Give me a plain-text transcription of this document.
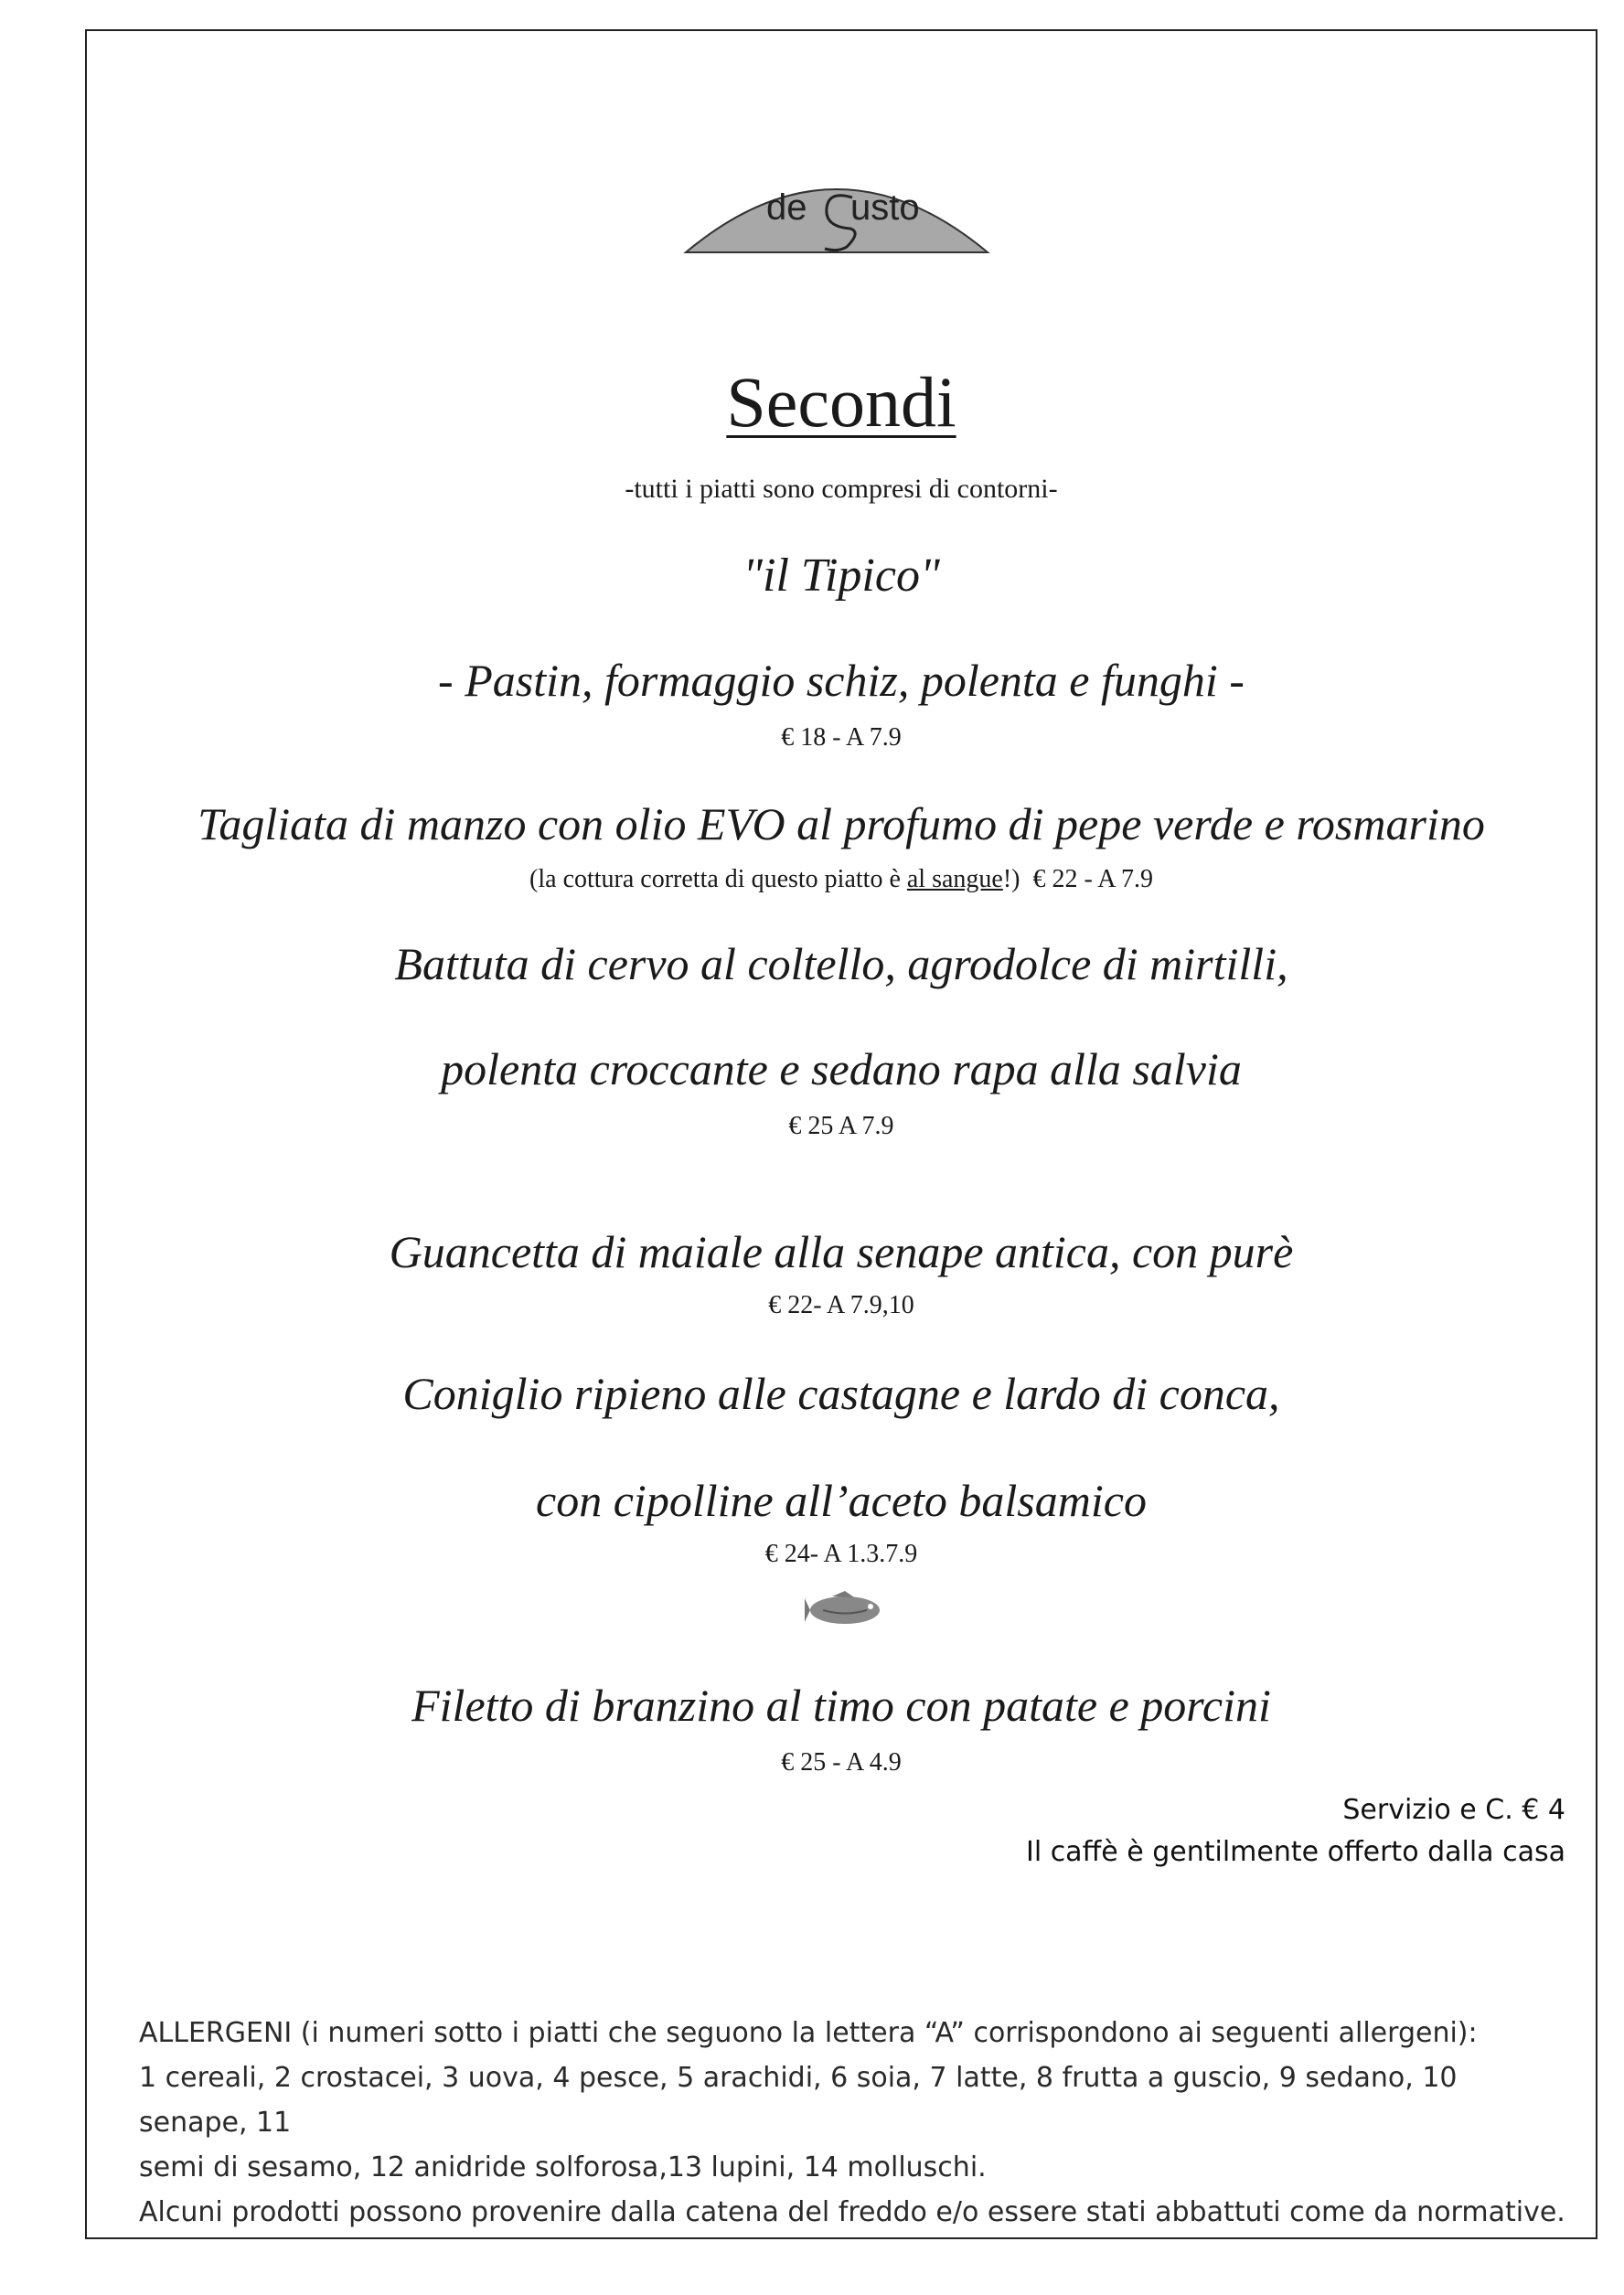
de usto
Secondi
-tutti i piatti sono compresi di contorni-
"il Tipico"
- Pastin, formaggio schiz, polenta e funghi -
€ 18 - A 7.9
Tagliata di manzo con olio EVO al profumo di pepe verde e rosmarino
(la cottura corretta di questo piatto è al sangue!) € 22 - A 7.9
Battuta di cervo al coltello, agrodolce di mirtilli,
polenta croccante e sedano rapa alla salvia
€ 25 A 7.9
Guancetta di maiale alla senape antica, con purè
€ 22- A 7.9,10
Coniglio ripieno alle castagne e lardo di conca,
con cipolline all’aceto balsamico
€ 24- A 1.3.7.9
Filetto di branzino al timo con patate e porcini
€ 25 - A 4.9
Servizio e C. € 4
Il caffè è gentilmente offerto dalla casa
ALLERGENI (i numeri sotto i piatti che seguono la lettera “A” corrispondono ai seguenti allergeni):
1 cereali, 2 crostacei, 3 uova, 4 pesce, 5 arachidi, 6 soia, 7 latte, 8 frutta a guscio, 9 sedano, 10 senape, 11
semi di sesamo, 12 anidride solforosa,13 lupini, 14 molluschi.
Alcuni prodotti possono provenire dalla catena del freddo e/o essere stati abbattuti come da normative.
